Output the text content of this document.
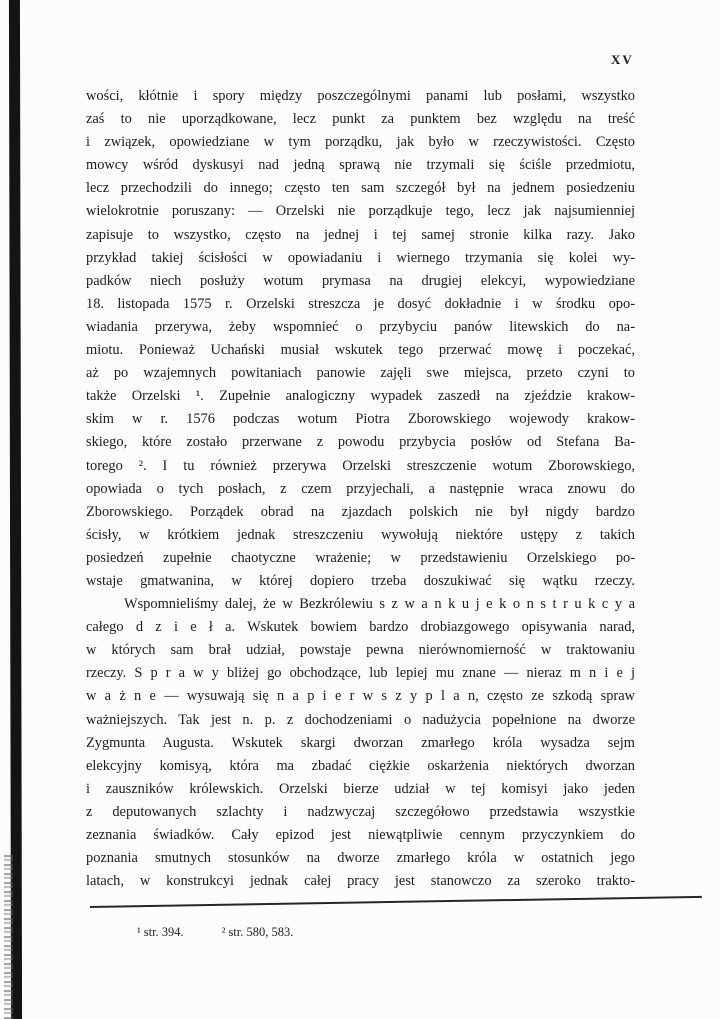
XV
wości, kłótnie i spory między poszczególnymi panami lub posłami, wszystko
zaś to nie uporządkowane, lecz punkt za punktem bez względu na treść
i związek, opowiedziane w tym porządku, jak było w rzeczywistości. Często
mowcy wśród dyskusyi nad jedną sprawą nie trzymali się ściśle przedmiotu,
lecz przechodzili do innego; często ten sam szczegół był na jednem posiedzeniu
wielokrotnie poruszany: — Orzelski nie porządkuje tego, lecz jak najsumienniej
zapisuje to wszystko, często na jednej i tej samej stronie kilka razy. Jako
przykład takiej ścisłości w opowiadaniu i wiernego trzymania się kolei wy-
padków niech posłuży wotum prymasa na drugiej elekcyi, wypowiedziane
18. listopada 1575 r. Orzelski streszcza je dosyć dokładnie i w środku opo-
wiadania przerywa, żeby wspomnieć o przybyciu panów litewskich do na-
miotu. Ponieważ Uchański musiał wskutek tego przerwać mowę i poczekać,
aż po wzajemnych powitaniach panowie zajęli swe miejsca, przeto czyni to
także Orzelski ¹. Zupełnie analogiczny wypadek zaszedł na zjeździe krakow-
skim w r. 1576 podczas wotum Piotra Zborowskiego wojewody krakow-
skiego, które zostało przerwane z powodu przybycia posłów od Stefana Ba-
torego ². I tu również przerywa Orzelski streszczenie wotum Zborowskiego,
opowiada o tych posłach, z czem przyjechali, a następnie wraca znowu do
Zborowskiego. Porządek obrad na zjazdach polskich nie był nigdy bardzo
ścisły, w krótkiem jednak streszczeniu wywołują niektóre ustępy z takich
posiedzeń zupełnie chaotyczne wrażenie; w przedstawieniu Orzelskiego po-
wstaje gmatwanina, w której dopiero trzeba doszukiwać się wątku rzeczy.
Wspomnieliśmy dalej, że w Bezkrólewiu s z w a n k u j e k o n s t r u k c y a
całego d z i e ł a. Wskutek bowiem bardzo drobiazgowego opisywania narad,
w których sam brał udział, powstaje pewna nierównomierność w traktowaniu
rzeczy. S p r a w y bliżej go obchodzące, lub lepiej mu znane — nieraz m n i e j
w a ż n e — wysuwają się n a p i e r w s z y p l a n, często ze szkodą spraw
ważniejszych. Tak jest n. p. z dochodzeniami o nadużycia popełnione na dworze
Zygmunta Augusta. Wskutek skargi dworzan zmarłego króla wysadza sejm
elekcyjny komisyą, która ma zbadać ciężkie oskarżenia niektórych dworzan
i zauszników królewskich. Orzelski bierze udział w tej komisyi jako jeden
z deputowanych szlachty i nadzwyczaj szczegółowo przedstawia wszystkie
zeznania świadków. Cały epizod jest niewątpliwie cennym przyczynkiem do
poznania smutnych stosunków na dworze zmarłego króla w ostatnich jego
latach, w konstrukcyi jednak całej pracy jest stanowczo za szeroko trakto-
¹ str. 394.	² str. 580, 583.
